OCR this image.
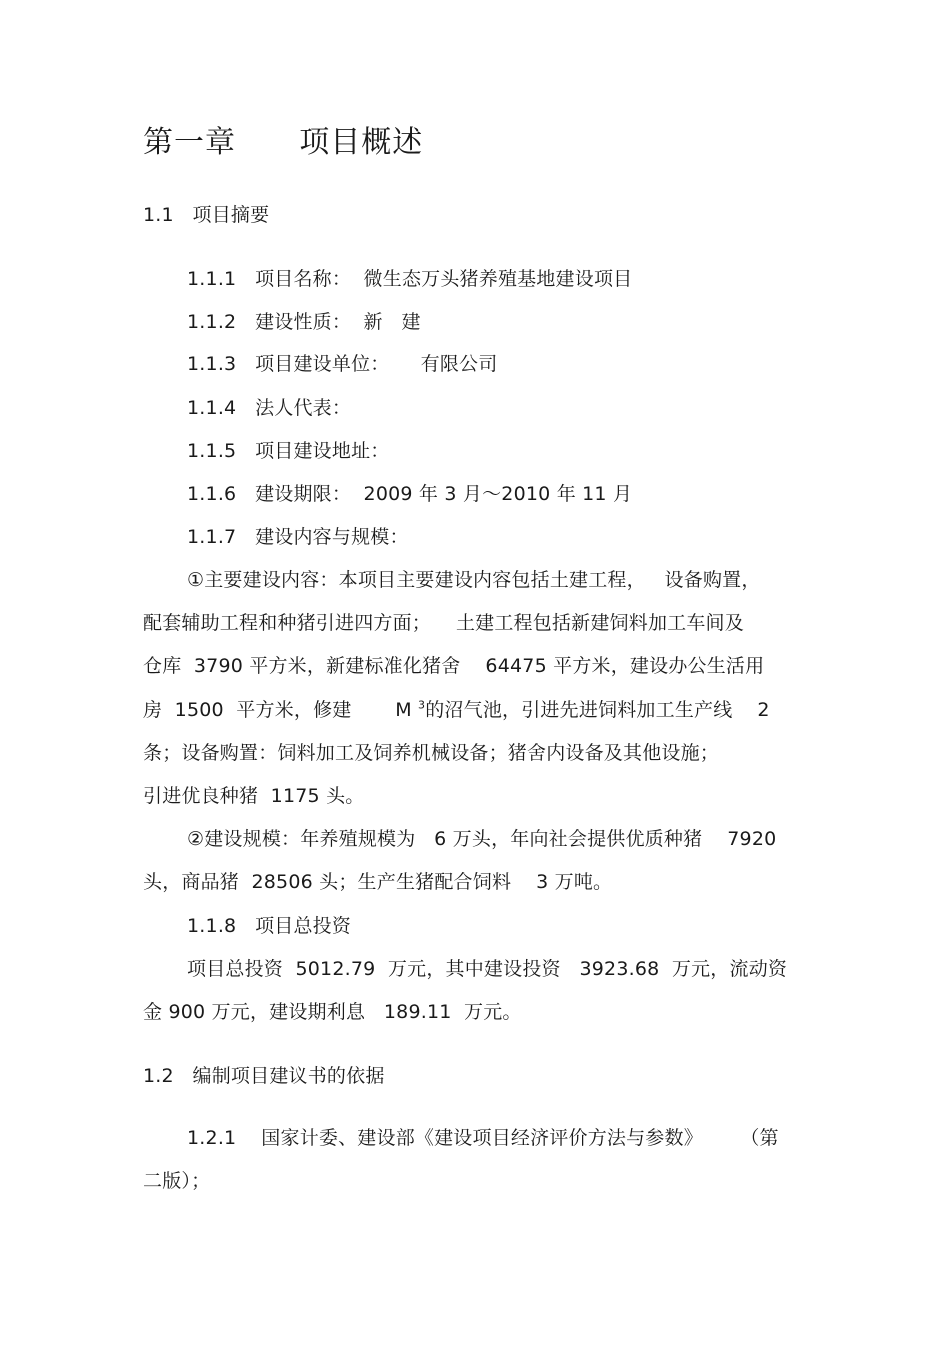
第一章      项目概述
1.1   项目摘要
1.1.1   项目名称：  微生态万头猪养殖基地建设项目
1.1.2   建设性质：  新   建
1.1.3   项目建设单位：     有限公司
1.1.4   法人代表：
1.1.5   项目建设地址：
1.1.6   建设期限：  2009 年 3 月～2010 年 11 月
1.1.7   建设内容与规模：
①主要建设内容：本项目主要建设内容包括土建工程，   设备购置，
配套辅助工程和种猪引进四方面；    土建工程包括新建饲料加工车间及
仓库  3790 平方米，新建标准化猪舍    64475 平方米，建设办公生活用
房  1500  平方米，修建       M $^3$的沼气池，引进先进饲料加工生产线    2
条；设备购置：饲料加工及饲养机械设备；猪舍内设备及其他设施；
引进优良种猪  1175 头。
②建设规模：年养殖规模为   6 万头，年向社会提供优质种猪    7920
头，商品猪  28506 头；生产生猪配合饲料    3 万吨。
1.1.8   项目总投资
项目总投资  5012.79  万元，其中建设投资   3923.68  万元，流动资
金 900 万元，建设期利息   189.11  万元。
1.2   编制项目建议书的依据
1.2.1    国家计委、建设部《建设项目经济评价方法与参数》      （第
二版）；
